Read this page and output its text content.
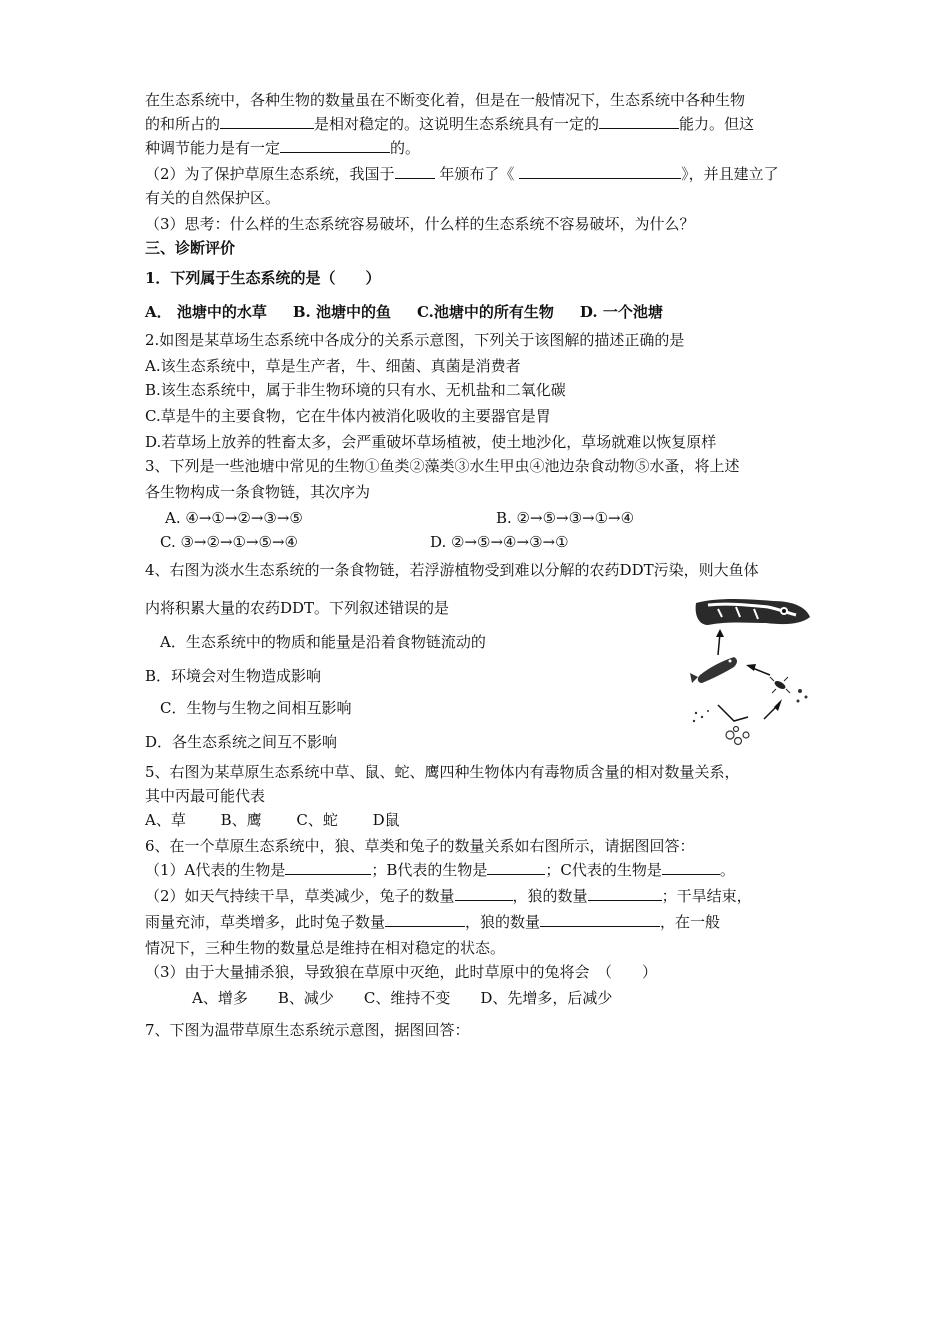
在生态系统中，各种生物的数量虽在不断变化着，但是在一般情况下，生态系统中各种生物
的和所占的	是相对稳定的。这说明生态系统具有一定的	能力。但这
种调节能力是有一定	的。
（2）为了保护草原生态系统，我国于	年颁布了《	》，并且建立了
有关的自然保护区。
（3）思考：什么样的生态系统容易破坏，什么样的生态系统不容易破坏，为什么？
三、诊断评价
1．下列属于生态系统的是（　　）
A． 池塘中的水草 B. 池塘中的鱼 C.池塘中的所有生物 D. 一个池塘
2.如图是某草场生态系统中各成分的关系示意图，下列关于该图解的描述正确的是
A.该生态系统中，草是生产者，牛、细菌、真菌是消费者
B.该生态系统中，属于非生物环境的只有水、无机盐和二氧化碳
C.草是牛的主要食物，它在牛体内被消化吸收的主要器官是胃
D.若草场上放养的牲畜太多，会严重破坏草场植被，使土地沙化，草场就难以恢复原样
3、下列是一些池塘中常见的生物①鱼类②藻类③水生甲虫④池边杂食动物⑤水蚤，将上述
各生物构成一条食物链，其次序为
A. ④→①→②→③→⑤	B. ②→⑤→③→①→④
C. ③→②→①→⑤→④	D. ②→⑤→④→③→①
4、右图为淡水生态系统的一条食物链，若浮游植物受到难以分解的农药DDT污染，则大鱼体
内将积累大量的农药DDT。下列叙述错误的是
A．生态系统中的物质和能量是沿着食物链流动的
B．环境会对生物造成影响
C．生物与生物之间相互影响
D．各生态系统之间互不影响
5、右图为某草原生态系统中草、鼠、蛇、鹰四种生物体内有毒物质含量的相对数量关系，
其中丙最可能代表
A、草　　 B、鹰　　 C、蛇　　 D鼠
6、在一个草原生态系统中，狼、草类和兔子的数量关系如右图所示，请据图回答：
（1）A代表的生物是	；B代表的生物是	；C代表的生物是	。
（2）如天气持续干旱，草类减少，兔子的数量	，狼的数量	；干旱结束，
雨量充沛，草类增多，此时兔子数量	，狼的数量	，在一般
情况下，三种生物的数量总是维持在相对稳定的状态。
（3）由于大量捕杀狼，导致狼在草原中灭绝，此时草原中的兔将会　（　　）
A、增多　　B、减少　　C、维持不变　　D、先增多，后减少
7、下图为温带草原生态系统示意图，据图回答：
